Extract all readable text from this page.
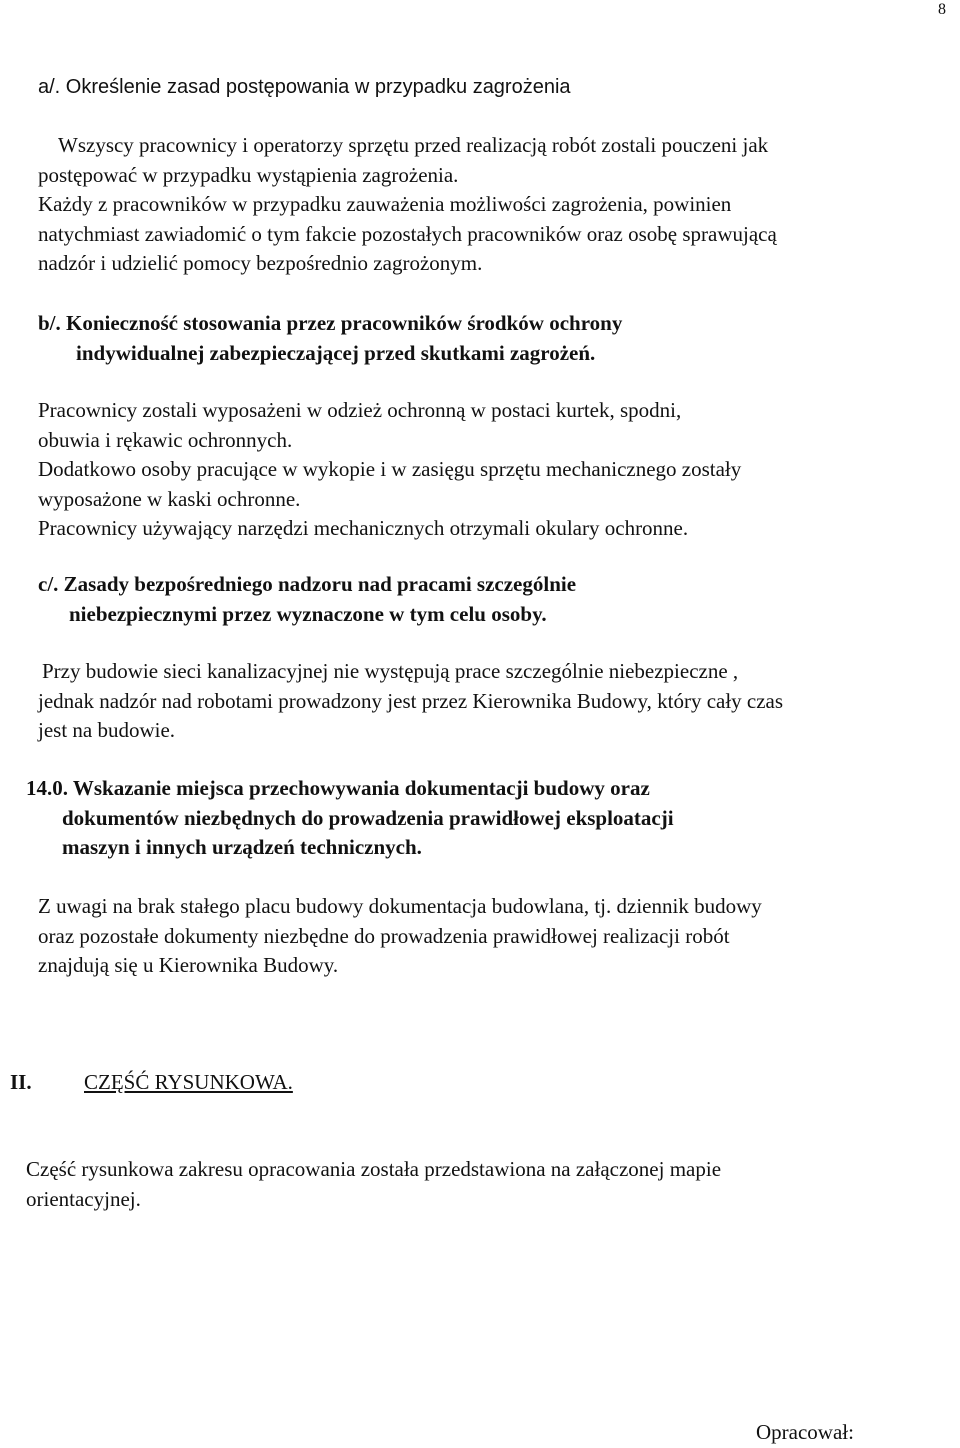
8
a/. Określenie zasad postępowania w przypadku zagrożenia
Wszyscy pracownicy i operatorzy sprzętu przed realizacją robót zostali pouczeni jak
postępować w przypadku wystąpienia zagrożenia.
Każdy z pracowników w przypadku zauważenia możliwości zagrożenia, powinien
natychmiast zawiadomić o tym fakcie pozostałych pracowników oraz osobę sprawującą
nadzór i udzielić pomocy bezpośrednio zagrożonym.
b/. Konieczność stosowania przez pracowników środków ochrony
indywidualnej zabezpieczającej przed skutkami zagrożeń.
Pracownicy zostali wyposażeni w odzież ochronną w postaci kurtek, spodni,
obuwia i rękawic ochronnych.
Dodatkowo osoby pracujące w wykopie i w zasięgu sprzętu mechanicznego zostały
wyposażone w kaski ochronne.
Pracownicy używający narzędzi mechanicznych otrzymali okulary ochronne.
c/. Zasady bezpośredniego nadzoru nad pracami szczególnie
niebezpiecznymi przez wyznaczone w tym celu osoby.
Przy budowie sieci kanalizacyjnej nie występują prace szczególnie niebezpieczne ,
jednak nadzór nad robotami prowadzony jest przez Kierownika Budowy, który cały czas
jest na budowie.
14.0. Wskazanie miejsca przechowywania dokumentacji budowy oraz
dokumentów niezbędnych do prowadzenia prawidłowej eksploatacji
maszyn i innych urządzeń technicznych.
Z uwagi na brak stałego placu budowy dokumentacja budowlana, tj. dziennik budowy
oraz pozostałe dokumenty niezbędne do prowadzenia prawidłowej realizacji robót
znajdują się u Kierownika Budowy.
II. CZĘŚĆ RYSUNKOWA.
Część rysunkowa zakresu opracowania została przedstawiona na załączonej mapie
orientacyjnej.
Opracował:
